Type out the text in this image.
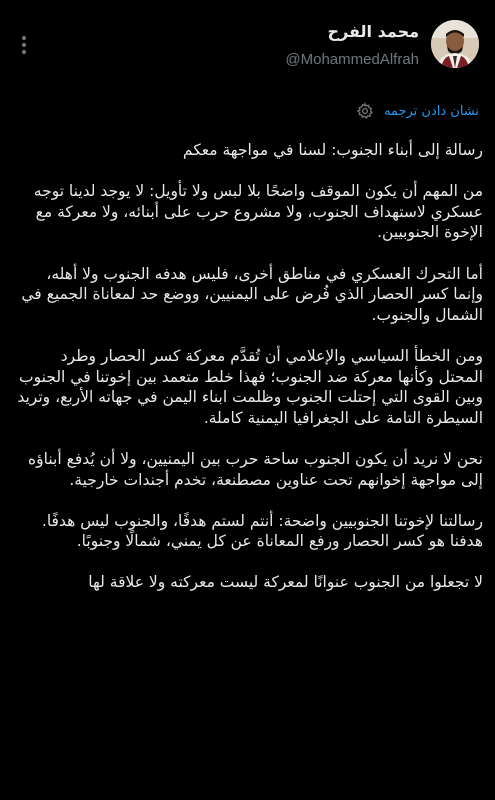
محمد الفرح
@MohammedAlfrah
نشان دادن ترجمه

رسالة إلى أبناء الجنوب: لسنا في مواجهة معكم

من المهم أن يكون الموقف واضحًا بلا لبس ولا تأويل: لا يوجد لدينا توجه عسكري لاستهداف الجنوب، ولا مشروع حرب على أبنائه، ولا معركة مع الإخوة الجنوبيين.

أما التحرك العسكري في مناطق أخرى، فليس هدفه الجنوب ولا أهله، وإنما كسر الحصار الذي فُرض على اليمنيين، ووضع حد لمعاناة الجميع في الشمال والجنوب.

ومن الخطأ السياسي والإعلامي أن تُقدَّم معركة كسر الحصار وطرد المحتل وكأنها معركة ضد الجنوب؛ فهذا خلط متعمد بين إخوتنا في الجنوب وبين القوى التي إحتلت الجنوب وظلمت ابناء اليمن في جهاته الأربع، وتريد السيطرة التامة على الجغرافيا اليمنية كاملة.

نحن لا نريد أن يكون الجنوب ساحة حرب بين اليمنيين، ولا أن يُدفع أبناؤه إلى مواجهة إخوانهم تحت عناوين مصطنعة، تخدم أجندات خارجية.

رسالتنا لإخوتنا الجنوبيين واضحة: أنتم لستم هدفًا، والجنوب ليس هدفًا. هدفنا هو كسر الحصار ورفع المعاناة عن كل يمني، شمالًا وجنوبًا.

لا تجعلوا من الجنوب عنوانًا لمعركة ليست معركته ولا علاقة لها
